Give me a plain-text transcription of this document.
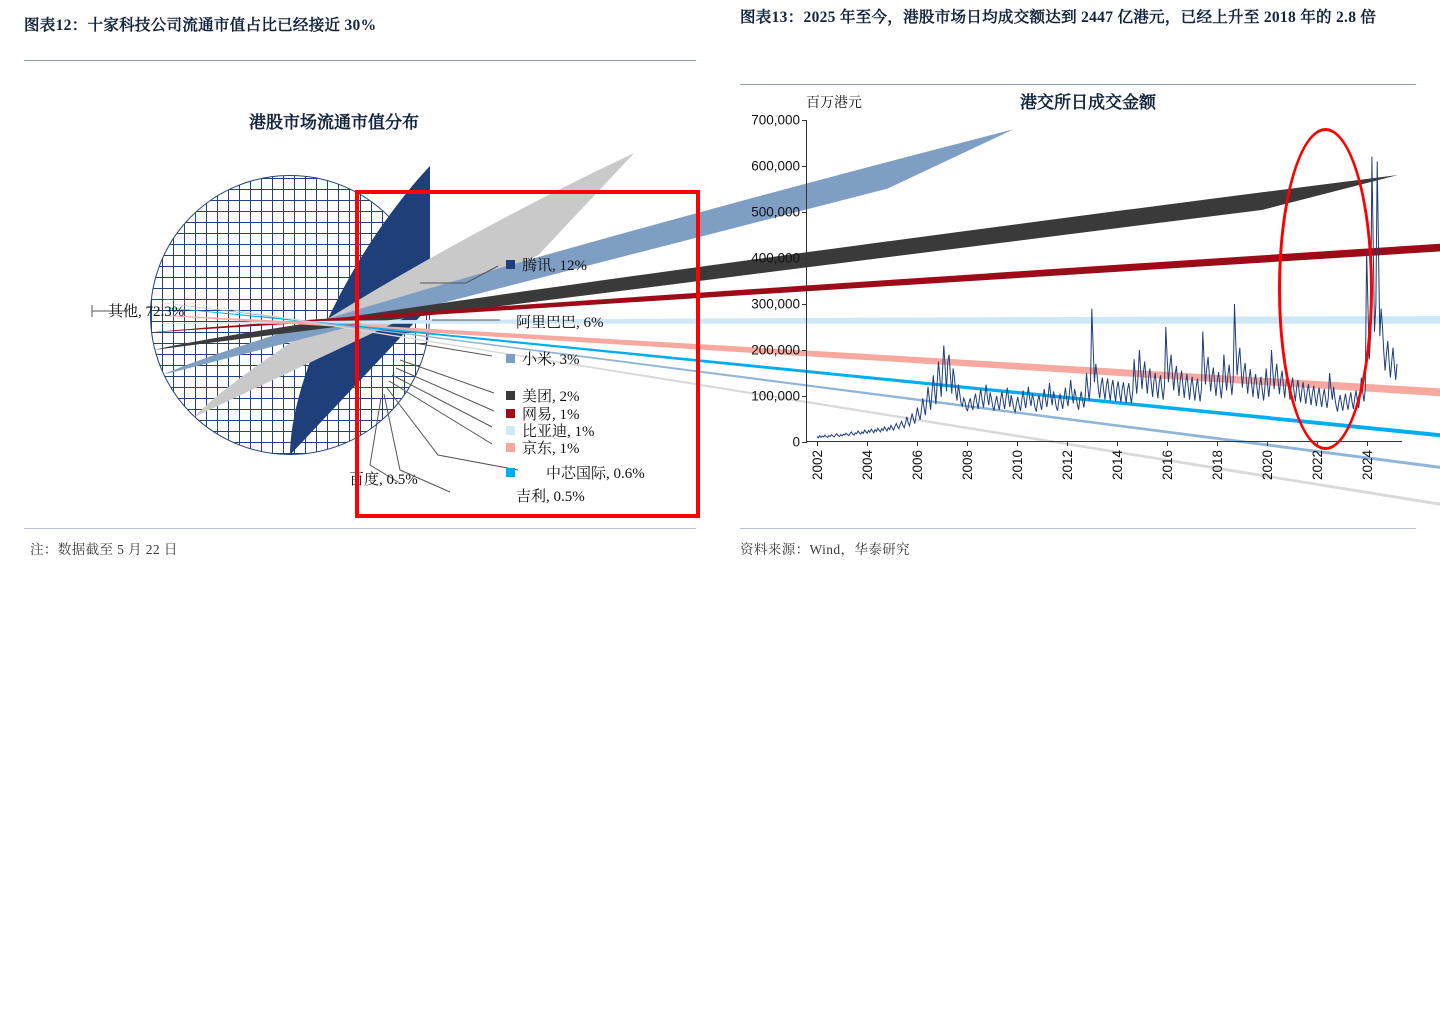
图表12：十家科技公司流通市值占比已经接近 30%
港股市场流通市值分布
其他, 72.3%
腾讯, 12%
阿里巴巴, 6%
小米, 3%
美团, 2%
网易, 1%
比亚迪, 1%
京东, 1%
中芯国际, 0.6%
吉利, 0.5%
百度, 0.5%
注：数据截至 5 月 22 日
图表13：2025 年至今，港股市场日均成交额达到 2447 亿港元，已经上升至 2018 年的 2.8 倍
百万港元	港交所日成交金额
0
100,000
200,000
300,000
400,000
500,000
600,000
700,000
2002	2004	2006	2008	2010	2012	2014	2016	2018	2020	2022	2024
资料来源：Wind，华泰研究
